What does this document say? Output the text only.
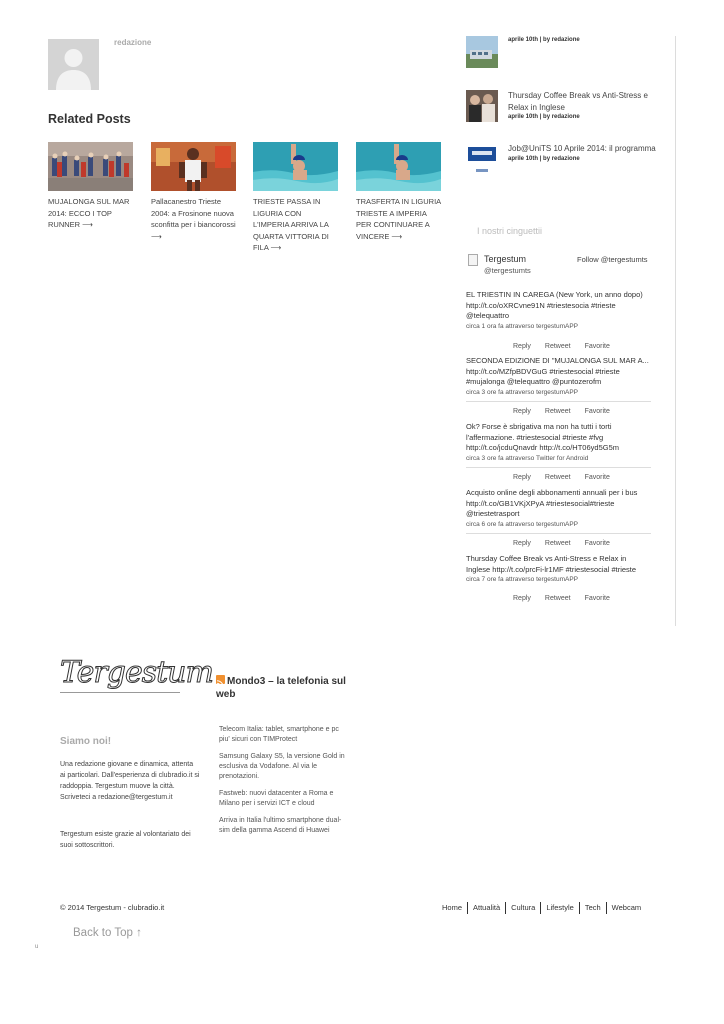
redazione
Related Posts
MUJALONGA SUL MAR 2014: ECCO I TOP RUNNER ⟶
Pallacanestro Trieste 2004: a Frosinone nuova sconfitta per i biancorossi ⟶
TRIESTE PASSA IN LIGURIA CON L'IMPERIA ARRIVA LA QUARTA VITTORIA DI FILA ⟶
TRASFERTA IN LIGURIA TRIESTE A IMPERIA PER CONTINUARE A VINCERE ⟶
aprile 10th | by redazione
Thursday Coffee Break vs Anti-Stress e Relax in Inglese
aprile 10th | by redazione
Job@UniTS 10 Aprile 2014: il programma
aprile 10th | by redazione
I nostri cinguettii
Tergestum
@tergestumts
Follow @tergestumts
EL TRIESTIN IN CAREGA (New York, un anno dopo) http://t.co/oXRCvne91N #triestesocia #trieste @telequattro
circa 1 ora fa attraverso tergestumAPP
Reply Retweet Favorite
SECONDA EDIZIONE DI "MUJALONGA SUL MAR A... http://t.co/MZfpBDVGuG #triestesocial #trieste #mujalonga @telequattro @puntozerofm
circa 3 ore fa attraverso tergestumAPP
Reply Retweet Favorite
Ok? Forse è sbrigativa ma non ha tutti i torti l'affermazione. #triestesocial #trieste #fvg http://t.co/jcduQnavdr http://t.co/HT06yd5G5m
circa 3 ore fa attraverso Twitter for Android
Reply Retweet Favorite
Acquisto online degli abbonamenti annuali per i bus http://t.co/GB1VKjXPyA #triestesocial#trieste @triestetrasport
circa 6 ore fa attraverso tergestumAPP
Reply Retweet Favorite
Thursday Coffee Break vs Anti-Stress e Relax in Inglese http://t.co/prcFi-lr1MF #triestesocial #trieste
circa 7 ore fa attraverso tergestumAPP
Reply Retweet Favorite
Tergestum	Mondo3 – la telefonia sul web
Telecom Italia: tablet, smartphone e pc piu' sicuri con TIMProtect
Samsung Galaxy S5, la versione Gold in esclusiva da Vodafone. Al via le prenotazioni.
Fastweb: nuovi datacenter a Roma e Milano per i servizi ICT e cloud
Arriva in Italia l'ultimo smartphone dual-sim della gamma Ascend di Huawei
Siamo noi!
Una redazione giovane e dinamica, attenta ai particolari. Dall'esperienza di clubradio.it si raddoppia. Tergestum muove la città. Scriveteci a redazione@tergestum.it
Tergestum esiste grazie al volontariato dei suoi sottoscrittori.
© 2014 Tergestum - clubradio.it	Home Attualità Cultura Lifestyle Tech Webcam
Back to Top ↑
u
